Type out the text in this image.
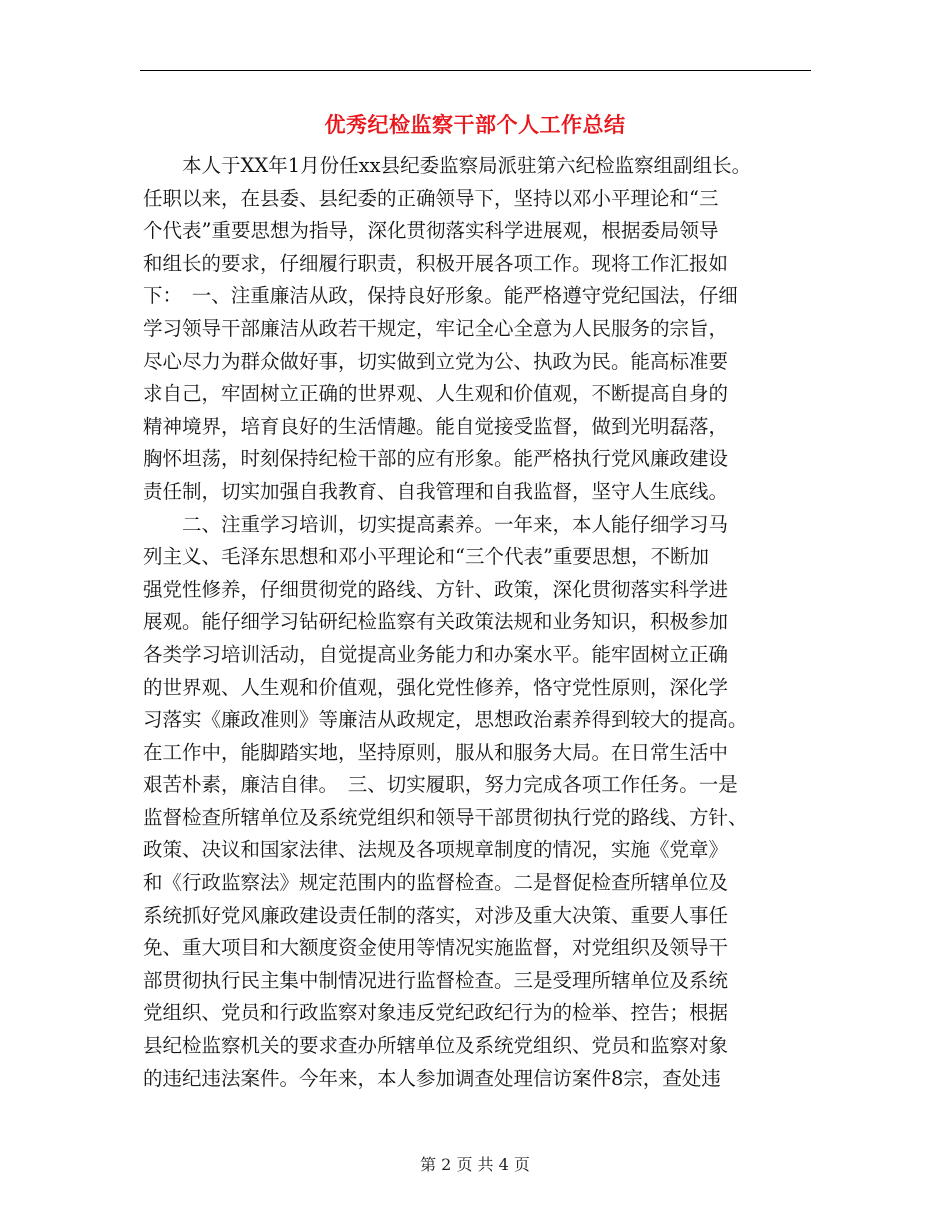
优秀纪检监察干部个人工作总结
　　本人于XX年1月份任xx县纪委监察局派驻第六纪检监察组副组长。
任职以来，在县委、县纪委的正确领导下，坚持以邓小平理论和“三
个代表”重要思想为指导，深化贯彻落实科学进展观，根据委局领导
和组长的要求，仔细履行职责，积极开展各项工作。现将工作汇报如
下：　一、注重廉洁从政，保持良好形象。能严格遵守党纪国法，仔细
学习领导干部廉洁从政若干规定，牢记全心全意为人民服务的宗旨，
尽心尽力为群众做好事，切实做到立党为公、执政为民。能高标准要
求自己，牢固树立正确的世界观、人生观和价值观，不断提高自身的
精神境界，培育良好的生活情趣。能自觉接受监督，做到光明磊落，
胸怀坦荡，时刻保持纪检干部的应有形象。能严格执行党风廉政建设
责任制，切实加强自我教育、自我管理和自我监督，坚守人生底线。
　　二、注重学习培训，切实提高素养。一年来，本人能仔细学习马
列主义、毛泽东思想和邓小平理论和“三个代表”重要思想，不断加
强党性修养，仔细贯彻党的路线、方针、政策，深化贯彻落实科学进
展观。能仔细学习钻研纪检监察有关政策法规和业务知识，积极参加
各类学习培训活动，自觉提高业务能力和办案水平。能牢固树立正确
的世界观、人生观和价值观，强化党性修养，恪守党性原则，深化学
习落实《廉政准则》等廉洁从政规定，思想政治素养得到较大的提高。
在工作中，能脚踏实地，坚持原则，服从和服务大局。在日常生活中
艰苦朴素，廉洁自律。　三、切实履职，努力完成各项工作任务。一是
监督检查所辖单位及系统党组织和领导干部贯彻执行党的路线、方针、
政策、决议和国家法律、法规及各项规章制度的情况，实施《党章》
和《行政监察法》规定范围内的监督检查。二是督促检查所辖单位及
系统抓好党风廉政建设责任制的落实，对涉及重大决策、重要人事任
免、重大项目和大额度资金使用等情况实施监督，对党组织及领导干
部贯彻执行民主集中制情况进行监督检查。三是受理所辖单位及系统
党组织、党员和行政监察对象违反党纪政纪行为的检举、控告；根据
县纪检监察机关的要求查办所辖单位及系统党组织、党员和监察对象
的违纪违法案件。今年来，本人参加调查处理信访案件8宗，查处违
第 2 页 共 4 页
